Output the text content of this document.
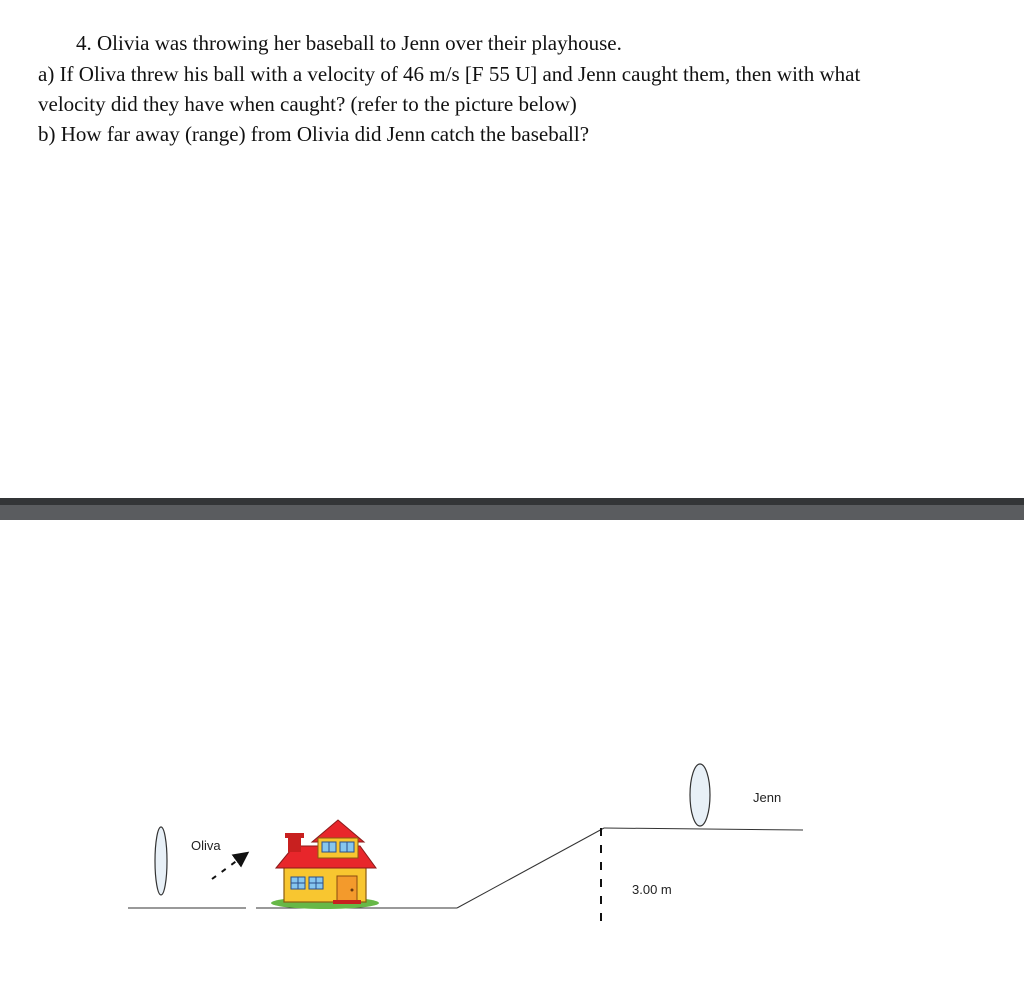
4. Olivia was throwing her baseball to Jenn over their playhouse.

a) If Oliva threw his ball with a velocity of 46 m/s [F 55 U] and Jenn caught them, then with what

velocity did they have when caught? (refer to the picture below)

b) How far away (range) from Olivia did Jenn catch the baseball?

3.00 m
Oliva
Jenn
